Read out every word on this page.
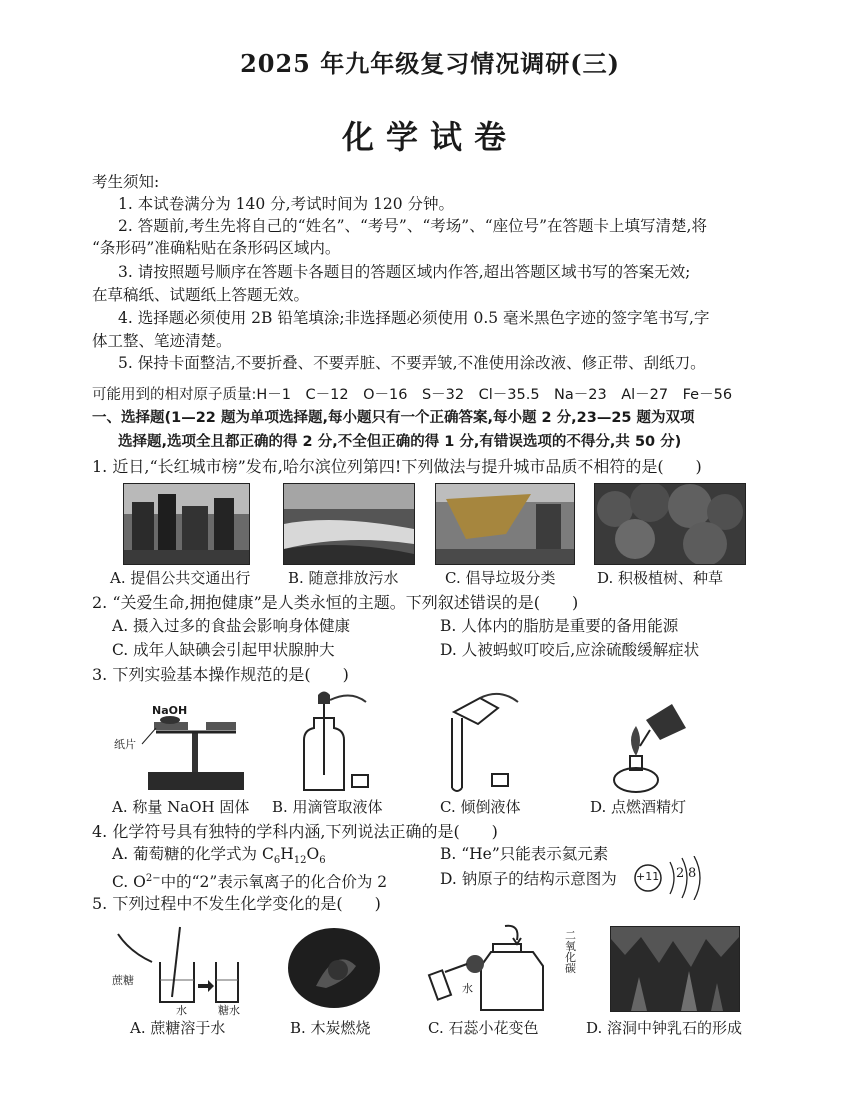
2025 年九年级复习情况调研(三)
化学试卷
考生须知:
1. 本试卷满分为 140 分,考试时间为 120 分钟。
2. 答题前,考生先将自己的“姓名”、“考号”、“考场”、“座位号”在答题卡上填写清楚,将
“条形码”准确粘贴在条形码区域内。
3. 请按照题号顺序在答题卡各题目的答题区域内作答,超出答题区域书写的答案无效;
在草稿纸、试题纸上答题无效。
4. 选择题必须使用 2B 铅笔填涂;非选择题必须使用 0.5 毫米黑色字迹的签字笔书写,字
体工整、笔迹清楚。
5. 保持卡面整洁,不要折叠、不要弄脏、不要弄皱,不准使用涂改液、修正带、刮纸刀。
可能用到的相对原子质量:H－1　C－12　O－16　S－32　Cl－35.5　Na－23　Al－27　Fe－56
一、选择题(1—22 题为单项选择题,每小题只有一个正确答案,每小题 2 分,23—25 题为双项
选择题,选项全且都正确的得 2 分,不全但正确的得 1 分,有错误选项的不得分,共 50 分)
1. 近日,“长红城市榜”发布,哈尔滨位列第四!下列做法与提升城市品质不相符的是(　　)
A. 提倡公共交通出行	B. 随意排放污水	C. 倡导垃圾分类	D. 积极植树、种草
2. “关爱生命,拥抱健康”是人类永恒的主题。下列叙述错误的是(　　)
A. 摄入过多的食盐会影响身体健康	B. 人体内的脂肪是重要的备用能源
C. 成年人缺碘会引起甲状腺肿大	D. 人被蚂蚁叮咬后,应涂硫酸缓解症状
3. 下列实验基本操作规范的是(　　)
NaOH
纸片
A. 称量 NaOH 固体 B. 用滴管取液体	C. 倾倒液体	D. 点燃酒精灯
4. 化学符号具有独特的学科内涵,下列说法正确的是(　　)
A. 葡萄糖的化学式为 $C_6H_{12}O_6$	B. “He”只能表示氦元素
C. $O^{2-}$中的“2”表示氧离子的化合价为 2	D. 钠原子的结构示意图为 +11 2 8
5. 下列过程中不发生化学变化的是(　　)
蔗糖
水	糖水
水
二氧化碳
A. 蔗糖溶于水	B. 木炭燃烧	C. 石蕊小花变色	D. 溶洞中钟乳石的形成
